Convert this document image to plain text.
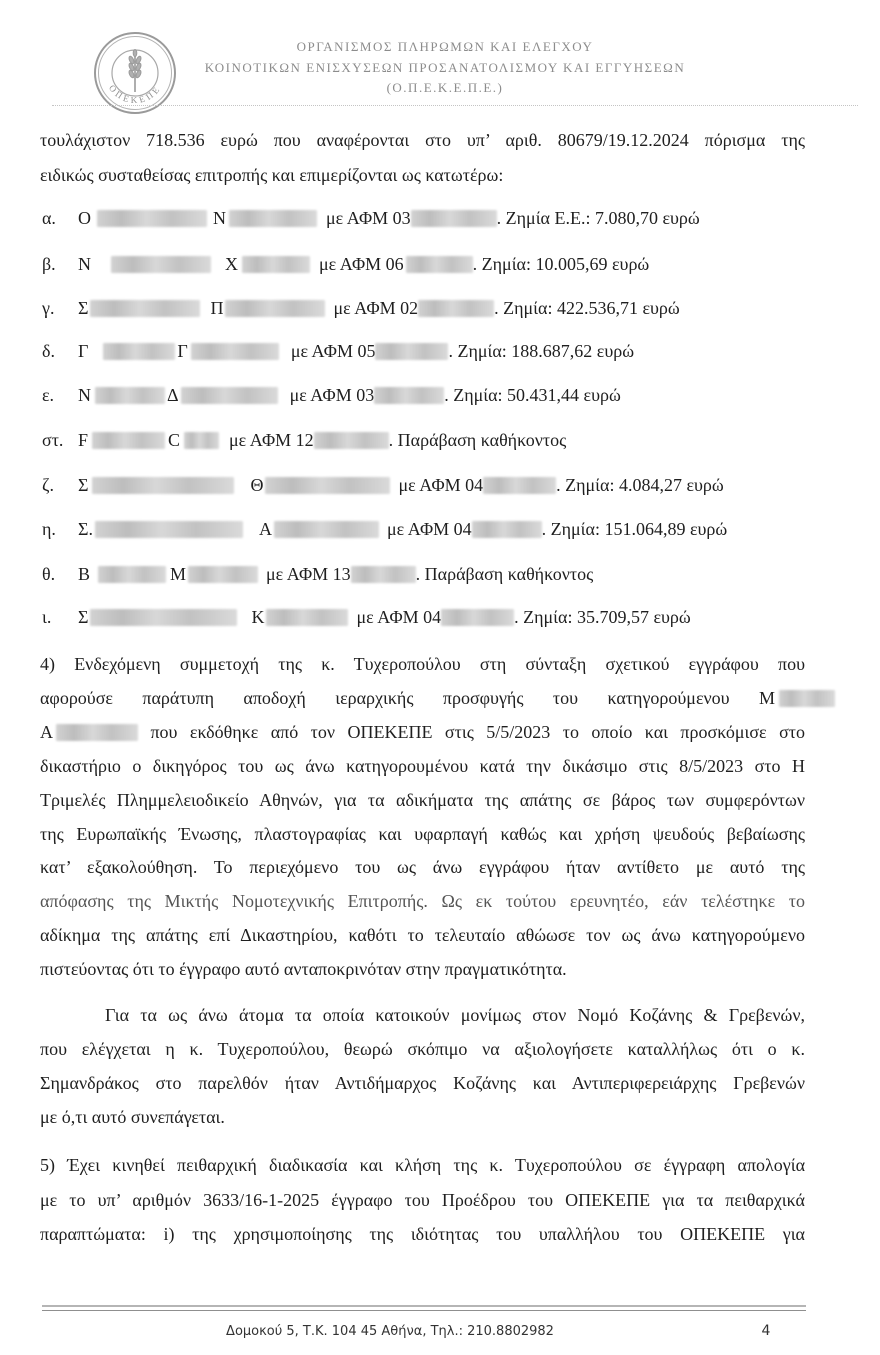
ΟΠΕΚΕΠΕ
ΟΡΓΑΝΙΣΜΟΣ ΠΛΗΡΩΜΩΝ ΚΑΙ ΕΛΕΓΧΟΥ
ΚΟΙΝΟΤΙΚΩΝ ΕΝΙΣΧΥΣΕΩΝ ΠΡΟΣΑΝΑΤΟΛΙΣΜΟΥ ΚΑΙ ΕΓΓΥΗΣΕΩΝ
(Ο.Π.Ε.Κ.Ε.Π.Ε.)
τουλάχιστον 718.536 ευρώ που αναφέρονται στο υπ’ αριθ. 80679/19.12.2024 πόρισμα της
ειδικώς συσταθείσας επιτροπής και επιμερίζονται ως κατωτέρω:
α. Ο	Ν	με ΑΦΜ 03	. Ζημία Ε.Ε.: 7.080,70 ευρώ
β. Ν	Χ	με ΑΦΜ 06	. Ζημία: 10.005,69 ευρώ
γ. Σ	Π	με ΑΦΜ 02	. Ζημία: 422.536,71 ευρώ
δ. Γ	Γ	με ΑΦΜ 05	. Ζημία: 188.687,62 ευρώ
ε. Ν	Δ	με ΑΦΜ 03	. Ζημία: 50.431,44 ευρώ
στ. F	C	με ΑΦΜ 12	. Παράβαση καθήκοντος
ζ. Σ	Θ	με ΑΦΜ 04	. Ζημία: 4.084,27 ευρώ
η. Σ.	Α	με ΑΦΜ 04	. Ζημία: 151.064,89 ευρώ
θ. Β	Μ	με ΑΦΜ 13	. Παράβαση καθήκοντος
ι. Σ	Κ	με ΑΦΜ 04	. Ζημία: 35.709,57 ευρώ
4) Ενδεχόμενη συμμετοχή της κ. Τυχεροπούλου στη σύνταξη σχετικού εγγράφου που
αφορούσε παράτυπη αποδοχή ιεραρχικής προσφυγής του κατηγορούμενου Μ
Α	που εκδόθηκε από τον ΟΠΕΚΕΠΕ στις 5/5/2023 το οποίο και προσκόμισε στο
δικαστήριο ο δικηγόρος του ως άνω κατηγορουμένου κατά την δικάσιμο στις 8/5/2023 στο Η
Τριμελές Πλημμελειοδικείο Αθηνών, για τα αδικήματα της απάτης σε βάρος των συμφερόντων
της Ευρωπαϊκής Ένωσης, πλαστογραφίας και υφαρπαγή καθώς και χρήση ψευδούς βεβαίωσης
κατ’ εξακολούθηση. Το περιεχόμενο του ως άνω εγγράφου ήταν αντίθετο με αυτό της
απόφασης της Μικτής Νομοτεχνικής Επιτροπής. Ως εκ τούτου ερευνητέο, εάν τελέστηκε το
αδίκημα της απάτης επί Δικαστηρίου, καθότι το τελευταίο αθώωσε τον ως άνω κατηγορούμενο
πιστεύοντας ότι το έγγραφο αυτό ανταποκρινόταν στην πραγματικότητα.
Για τα ως άνω άτομα τα οποία κατοικούν μονίμως στον Νομό Κοζάνης & Γρεβενών,
που ελέγχεται η κ. Τυχεροπούλου, θεωρώ σκόπιμο να αξιολογήσετε καταλλήλως ότι ο κ.
Σημανδράκος στο παρελθόν ήταν Αντιδήμαρχος Κοζάνης και Αντιπεριφερειάρχης Γρεβενών
με ό,τι αυτό συνεπάγεται.
5) Έχει κινηθεί πειθαρχική διαδικασία και κλήση της κ. Τυχεροπούλου σε έγγραφη απολογία
με το υπ’ αριθμόν 3633/16-1-2025 έγγραφο του Προέδρου του ΟΠΕΚΕΠΕ για τα πειθαρχικά
παραπτώματα: i) της χρησιμοποίησης της ιδιότητας του υπαλλήλου του ΟΠΕΚΕΠΕ για
Δομοκού 5, Τ.Κ. 104 45 Αθήνα, Τηλ.: 210.8802982	4
